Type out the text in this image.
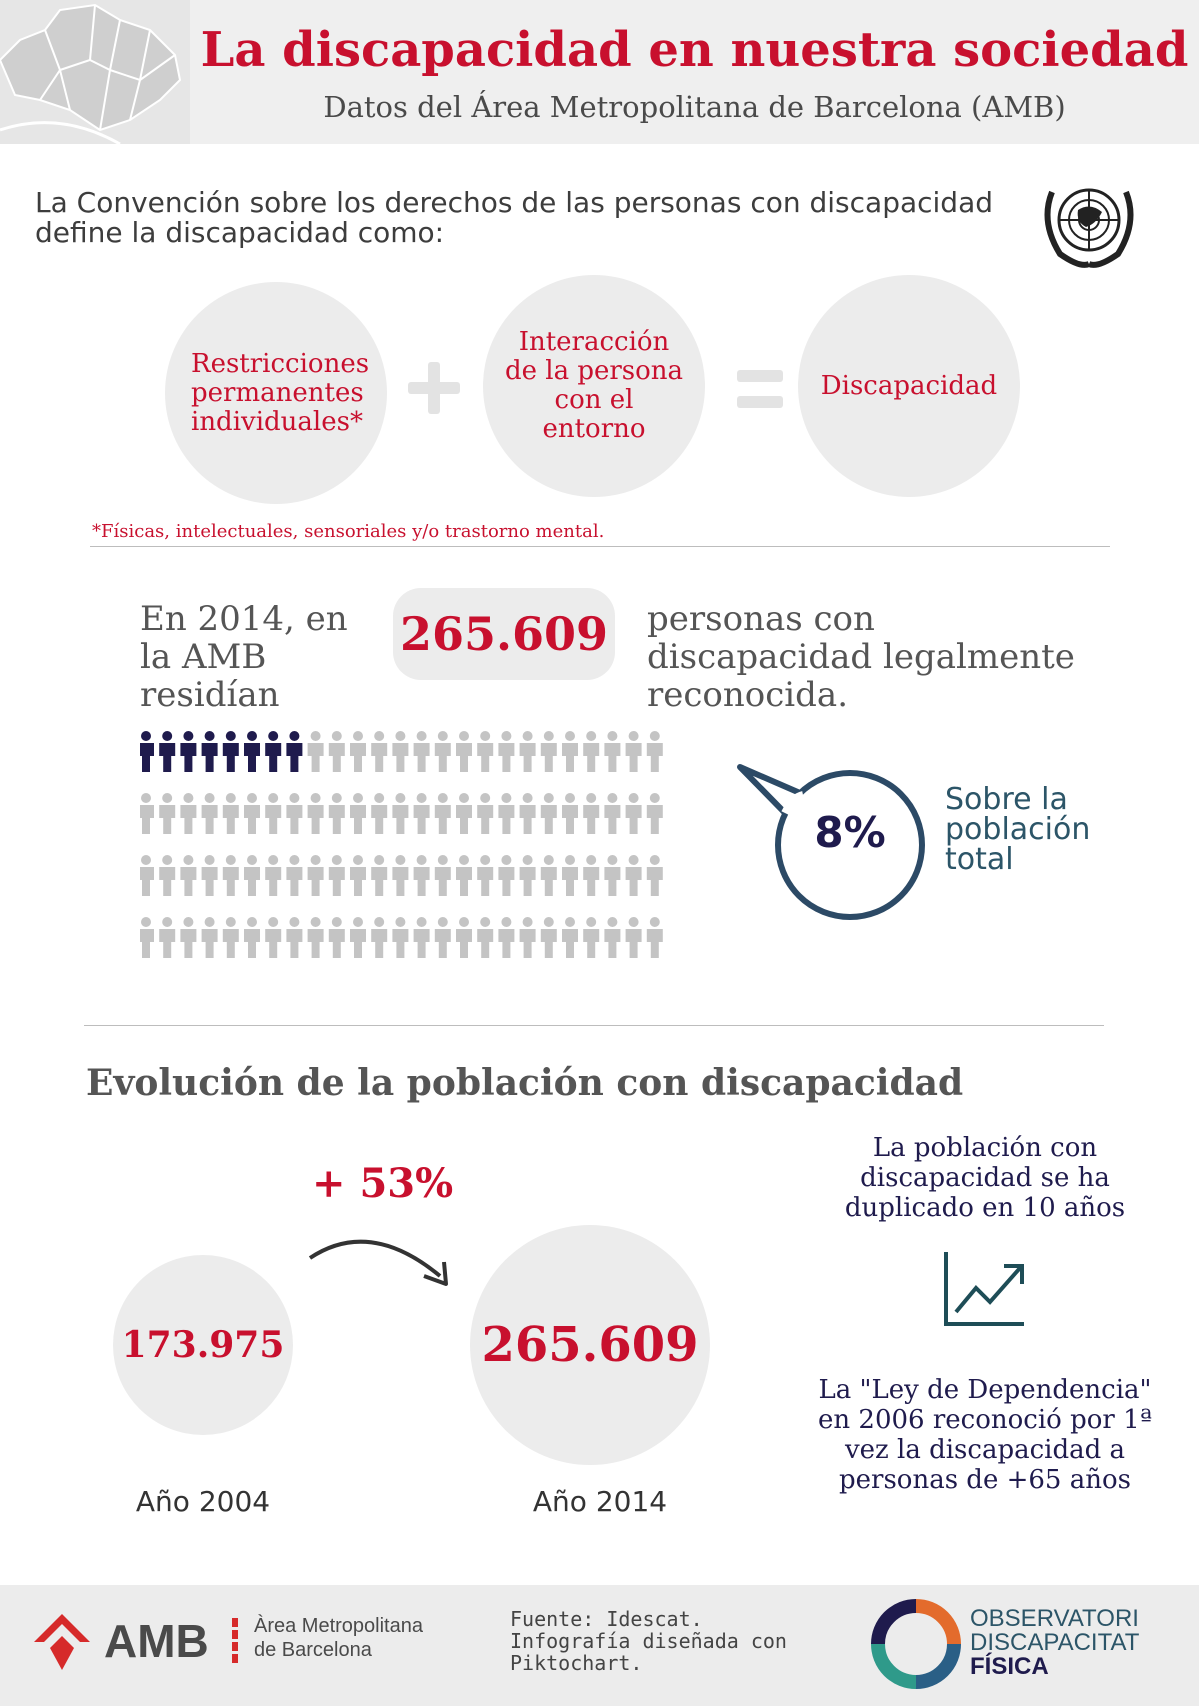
La discapacidad en nuestra sociedad
Datos del Área Metropolitana de Barcelona (AMB)
La Convención sobre los derechos de las personas con discapacidad define la discapacidad como:
Restricciones permanentes individuales*
Interacción de la persona con el entorno
Discapacidad
*Físicas, intelectuales, sensoriales y/o trastorno mental.
En 2014, en la AMB residían
265.609 personas con discapacidad legalmente reconocida.
8%
Sobre la población total
Evolución de la población con discapacidad
+ 53%
173.975	265.609
Año 2004	Año 2014
La población con discapacidad se ha duplicado en 10 años
La "Ley de Dependencia" en 2006 reconoció por 1ª vez la discapacidad a personas de +65 años
AMB Àrea Metropolitana
de Barcelona
Fuente: Idescat. Infografía diseñada con Piktochart.
OBSERVATORI
DISCAPACITAT
FÍSICA
